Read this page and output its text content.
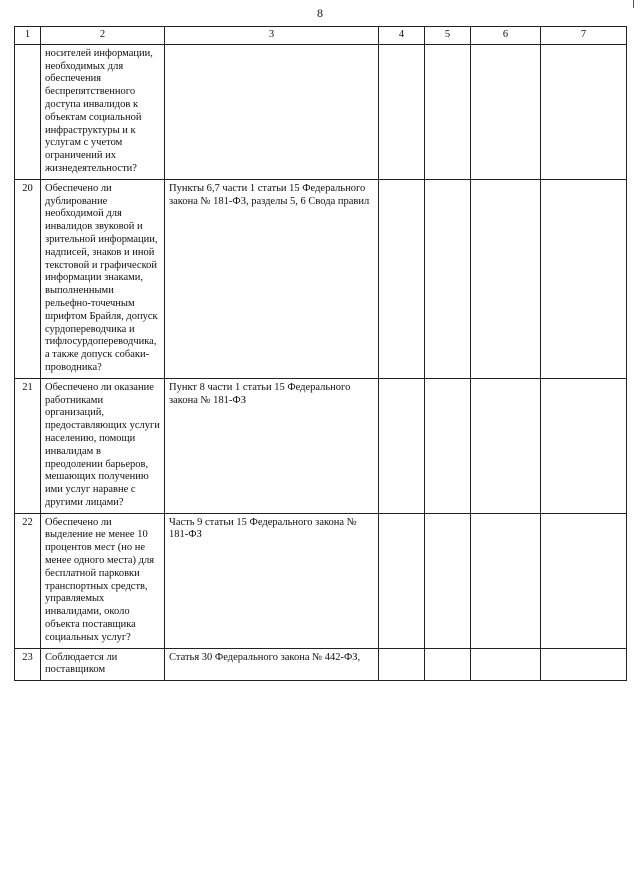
8
1	2	3	4	5	6	7
	носителей информации, необходимых для обеспечения беспрепятственного доступа инвалидов к объектам социальной инфраструктуры и к услугам с учетом ограничений их жизнедеятельности?					
20	Обеспечено ли дублирование необходимой для инвалидов звуковой и зрительной информации, надписей, знаков и иной текстовой и графической информации знаками, выполненными рельефно-точечным шрифтом Брайля, допуск сурдопереводчика и тифлосурдопереводчика, а также допуск собаки-проводника?	Пункты 6,7 части 1 статьи 15 Федерального закона № 181-ФЗ, разделы 5, 6 Свода правил				
21	Обеспечено ли оказание работниками организаций, предоставляющих услуги населению, помощи инвалидам в преодолении барьеров, мешающих получению ими услуг наравне с другими лицами?	Пункт 8 части 1 статьи 15 Федерального закона № 181-ФЗ				
22	Обеспечено ли выделение не менее 10 процентов мест (но не менее одного места) для бесплатной парковки транспортных средств, управляемых инвалидами, около объекта поставщика социальных услуг?	Часть 9 статьи 15 Федерального закона № 181-ФЗ				
23	Соблюдается ли поставщиком	Статья 30 Федерального закона № 442-ФЗ,				
